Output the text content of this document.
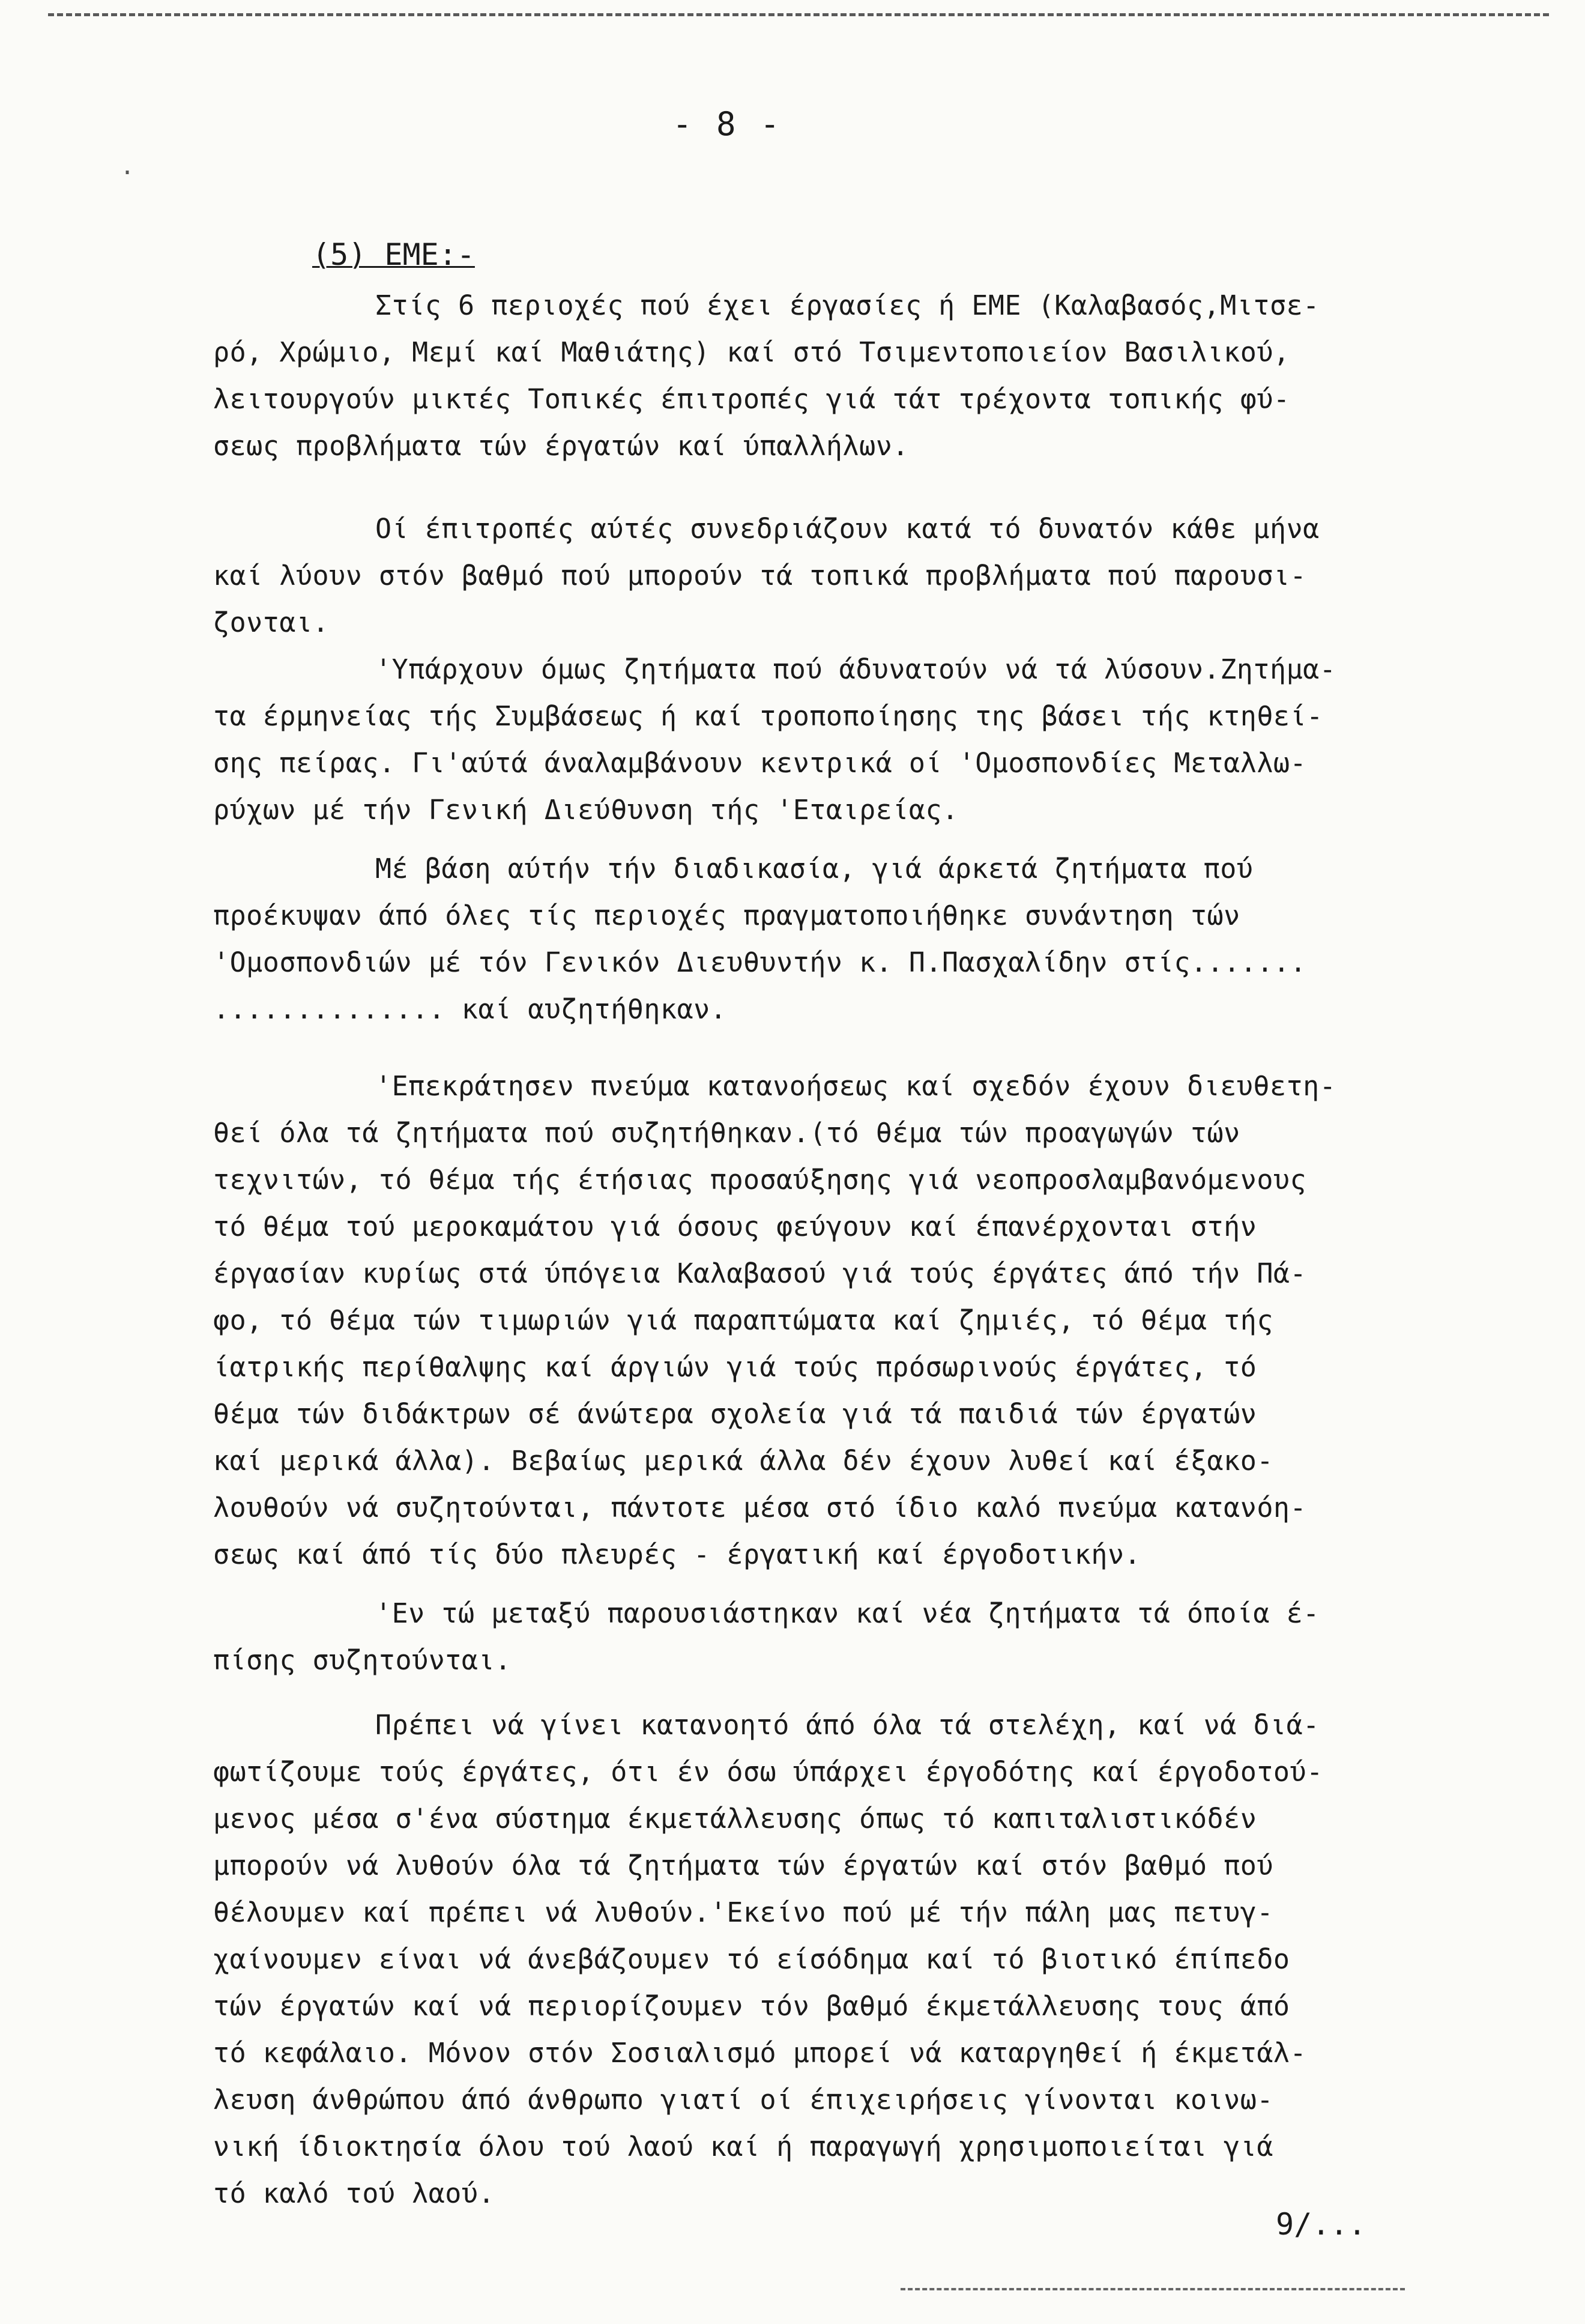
- 8 -
·
(5) ΕΜΕ:-
Στίς 6 περιοχές πού έχει έργασίες ή ΕΜΕ (Καλαβασός,Μιτσε-
ρό, Χρώμιο, Μεμί καί Μαθιάτης) καί στό Τσιμεντοποιείον Βασιλικού,
λειτουργούν μικτές Τοπικές έπιτροπές γιά τάτ τρέχοντα τοπικής φύ-
σεως προβλήματα τών έργατών καί ύπαλλήλων.
Οί έπιτροπές αύτές συνεδριάζουν κατά τό δυνατόν κάθε μήνα
καί λύουν στόν βαθμό πού μπορούν τά τοπικά προβλήματα πού παρουσι-
ζονται.
'Υπάρχουν όμως ζητήματα πού άδυνατούν νά τά λύσουν.Ζητήμα-
τα έρμηνείας τής Συμβάσεως ή καί τροποποίησης της βάσει τής κτηθεί-
σης πείρας. Γι'αύτά άναλαμβάνουν κεντρικά οί 'Ομοσπονδίες Μεταλλω-
ρύχων μέ τήν Γενική Διεύθυνση τής 'Εταιρείας.
Μέ βάση αύτήν τήν διαδικασία, γιά άρκετά ζητήματα πού
προέκυψαν άπό όλες τίς περιοχές πραγματοποιήθηκε συνάντηση τών
'Ομοσπονδιών μέ τόν Γενικόν Διευθυντήν κ. Π.Πασχαλίδην στίς.......
.............. καί αυζητήθηκαν.
'Επεκράτησεν πνεύμα κατανοήσεως καί σχεδόν έχουν διευθετη-
θεί όλα τά ζητήματα πού συζητήθηκαν.(τό θέμα τών προαγωγών τών
τεχνιτών, τό θέμα τής έτήσιας προσαύξησης γιά νεοπροσλαμβανόμενους
τό θέμα τού μεροκαμάτου γιά όσους φεύγουν καί έπανέρχονται στήν
έργασίαν κυρίως στά ύπόγεια Καλαβασού γιά τούς έργάτες άπό τήν Πά-
φο, τό θέμα τών τιμωριών γιά παραπτώματα καί ζημιές, τό θέμα τής
ίατρικής περίθαλψης καί άργιών γιά τούς πρόσωρινούς έργάτες, τό
θέμα τών διδάκτρων σέ άνώτερα σχολεία γιά τά παιδιά τών έργατών
καί μερικά άλλα). Βεβαίως μερικά άλλα δέν έχουν λυθεί καί έξακο-
λουθούν νά συζητούνται, πάντοτε μέσα στό ίδιο καλό πνεύμα κατανόη-
σεως καί άπό τίς δύο πλευρές - έργατική καί έργοδοτικήν.
'Εν τώ μεταξύ παρουσιάστηκαν καί νέα ζητήματα τά όποία έ-
πίσης συζητούνται.
Πρέπει νά γίνει κατανοητό άπό όλα τά στελέχη, καί νά διά-
φωτίζουμε τούς έργάτες, ότι έν όσω ύπάρχει έργοδότης καί έργοδοτού-
μενος μέσα σ'ένα σύστημα έκμετάλλευσης όπως τό καπιταλιστικόδέν
μπορούν νά λυθούν όλα τά ζητήματα τών έργατών καί στόν βαθμό πού
θέλουμεν καί πρέπει νά λυθούν.'Εκείνο πού μέ τήν πάλη μας πετυγ-
χαίνουμεν είναι νά άνεβάζουμεν τό είσόδημα καί τό βιοτικό έπίπεδο
τών έργατών καί νά περιορίζουμεν τόν βαθμό έκμετάλλευσης τους άπό
τό κεφάλαιο. Μόνον στόν Σοσιαλισμό μπορεί νά καταργηθεί ή έκμετάλ-
λευση άνθρώπου άπό άνθρωπο γιατί οί έπιχειρήσεις γίνονται κοινω-
νική ίδιοκτησία όλου τού λαού καί ή παραγωγή χρησιμοποιείται γιά
τό καλό τού λαού.
9/...
